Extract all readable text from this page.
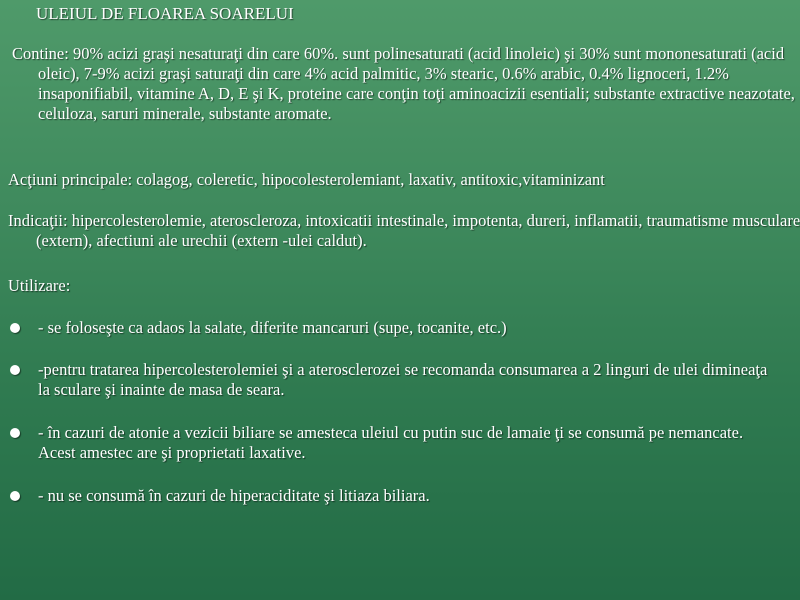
ULEIUL DE FLOAREA SOARELUI
Contine: 90% acizi graşi nesaturaţi din care 60%. sunt polinesaturati (acid linoleic) şi 30% sunt mononesaturati (acid oleic), 7-9% acizi graşi saturaţi din care 4% acid palmitic, 3% stearic, 0.6% arabic, 0.4% lignoceri, 1.2% insaponifiabil, vitamine A, D, E şi K, proteine care conţin toţi aminoacizii esentiali; substante extractive neazotate, celuloza, saruri minerale, substante aromate.
Acţiuni principale: colagog, coleretic, hipocolesterolemiant, laxativ, antitoxic,vitaminizant
Indicaţii: hipercolesterolemie, ateroscleroza, intoxicatii intestinale, impotenta, dureri, inflamatii, traumatisme musculare (extern), afectiuni ale urechii (extern -ulei caldut).
Utilizare:
- se foloseşte ca adaos la salate, diferite mancaruri (supe, tocanite, etc.)
-pentru tratarea hipercolesterolemiei şi a aterosclerozei se recomanda consumarea a 2 linguri de ulei dimineaţa la sculare şi inainte de masa de seara.
- în cazuri de atonie a vezicii biliare se amesteca uleiul cu putin suc de lamaie ţi se consumă pe nemancate. Acest amestec are şi proprietati laxative.
- nu se consumă în cazuri de hiperaciditate şi litiaza biliara.
